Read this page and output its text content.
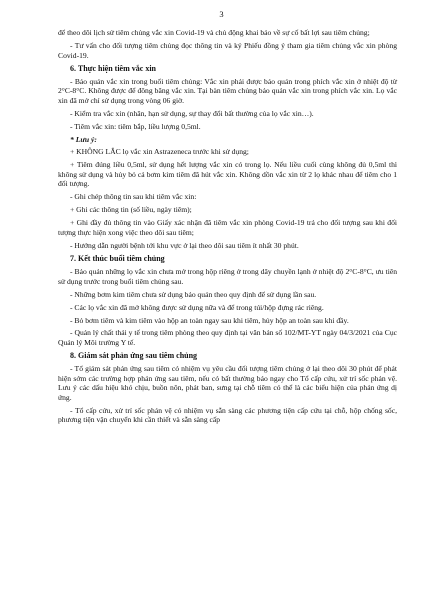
3

để theo dõi lịch sử tiêm chủng vắc xin Covid-19 và chủ động khai báo về sự cố bất lợi sau tiêm chủng;

- Tư vấn cho đối tượng tiêm chủng đọc thông tin và ký Phiếu đồng ý tham gia tiêm chủng vắc xin phòng Covid-19.

6. Thực hiện tiêm vắc xin

- Bảo quản vắc xin trong buổi tiêm chủng: Vắc xin phải được bảo quản trong phích vắc xin ở nhiệt độ từ 2°C-8°C. Không được để đông băng vắc xin. Tại bàn tiêm chủng bảo quản vắc xin trong phích vắc xin. Lọ vắc xin đã mở chỉ sử dụng trong vòng 06 giờ.

- Kiểm tra vắc xin (nhãn, hạn sử dụng, sự thay đổi bất thường của lọ vắc xin…).

- Tiêm vắc xin: tiêm bắp, liều lượng 0,5ml.

* Lưu ý:

+ KHÔNG LẮC lọ vắc xin Astrazeneca trước khi sử dụng;

+ Tiêm đúng liều 0,5ml, sử dụng hết lượng vắc xin có trong lọ. Nếu liều cuối cùng không đủ 0,5ml thì không sử dụng và hủy bỏ cả bơm kim tiêm đã hút vắc xin. Không dồn vắc xin từ 2 lọ khác nhau để tiêm cho 1 đối tượng.

- Ghi chép thông tin sau khi tiêm vắc xin:

+ Ghi các thông tin (số liều, ngày tiêm);

+ Ghi đầy đủ thông tin vào Giấy xác nhận đã tiêm vắc xin phòng Covid-19 trả cho đối tượng sau khi đối tượng thực hiện xong việc theo dõi sau tiêm;

- Hướng dẫn người bệnh tới khu vực ở lại theo dõi sau tiêm ít nhất 30 phút.

7. Kết thúc buổi tiêm chủng

- Bảo quản những lọ vắc xin chưa mở trong hộp riêng ở trong dây chuyền lạnh ở nhiệt độ 2°C-8°C, ưu tiên sử dụng trước trong buổi tiêm chủng sau.

- Những bơm kim tiêm chưa sử dụng bảo quản theo quy định để sử dụng lần sau.

- Các lọ vắc xin đã mở không được sử dụng nữa và để trong túi/hộp đựng rác riêng.

- Bỏ bơm tiêm và kim tiêm vào hộp an toàn ngay sau khi tiêm, hủy hộp an toàn sau khi đầy.

- Quản lý chất thải y tế trong tiêm phòng theo quy định tại văn bản số 102/MT-YT ngày 04/3/2021 của Cục Quản lý Môi trường Y tế.

8. Giám sát phản ứng sau tiêm chủng

- Tổ giám sát phản ứng sau tiêm có nhiệm vụ yêu cầu đối tượng tiêm chủng ở lại theo dõi 30 phút để phát hiện sớm các trường hợp phản ứng sau tiêm, nếu có bất thường báo ngay cho Tổ cấp cứu, xử trí sốc phản vệ. Lưu ý các dấu hiệu khó chịu, buồn nôn, phát ban, sưng tại chỗ tiêm có thể là các biểu hiện của phản ứng dị ứng.

- Tổ cấp cứu, xử trí sốc phản vệ có nhiệm vụ sẵn sàng các phương tiện cấp cứu tại chỗ, hộp chống sốc, phương tiện vận chuyển khi cần thiết và sẵn sàng cấp
